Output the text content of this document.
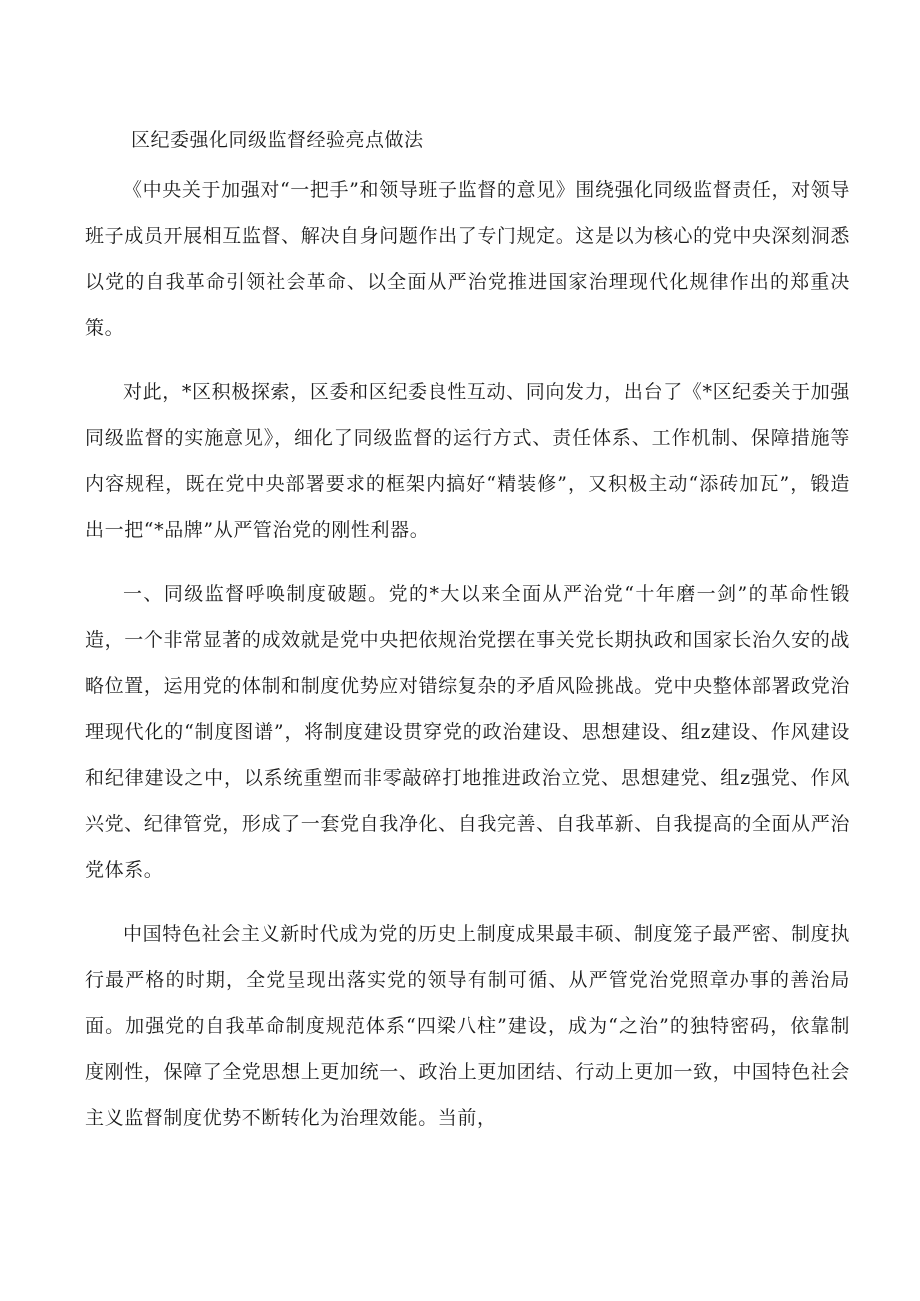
区纪委强化同级监督经验亮点做法

《中央关于加强对“一把手”和领导班子监督的意见》围绕强化同级监督责任，对领导班子成员开展相互监督、解决自身问题作出了专门规定。这是以为核心的党中央深刻洞悉以党的自我革命引领社会革命、以全面从严治党推进国家治理现代化规律作出的郑重决策。

对此，*区积极探索，区委和区纪委良性互动、同向发力，出台了《*区纪委关于加强同级监督的实施意见》，细化了同级监督的运行方式、责任体系、工作机制、保障措施等内容规程，既在党中央部署要求的框架内搞好“精装修”，又积极主动“添砖加瓦”，锻造出一把“*品牌”从严管治党的刚性利器。

一、同级监督呼唤制度破题。党的*大以来全面从严治党“十年磨一剑”的革命性锻造，一个非常显著的成效就是党中央把依规治党摆在事关党长期执政和国家长治久安的战略位置，运用党的体制和制度优势应对错综复杂的矛盾风险挑战。党中央整体部署政党治理现代化的“制度图谱”，将制度建设贯穿党的政治建设、思想建设、组z建设、作风建设和纪律建设之中，以系统重塑而非零敲碎打地推进政治立党、思想建党、组z强党、作风兴党、纪律管党，形成了一套党自我净化、自我完善、自我革新、自我提高的全面从严治党体系。

中国特色社会主义新时代成为党的历史上制度成果最丰硕、制度笼子最严密、制度执行最严格的时期，全党呈现出落实党的领导有制可循、从严管党治党照章办事的善治局面。加强党的自我革命制度规范体系“四梁八柱”建设，成为“之治”的独特密码，依靠制度刚性，保障了全党思想上更加统一、政治上更加团结、行动上更加一致，中国特色社会主义监督制度优势不断转化为治理效能。当前，
